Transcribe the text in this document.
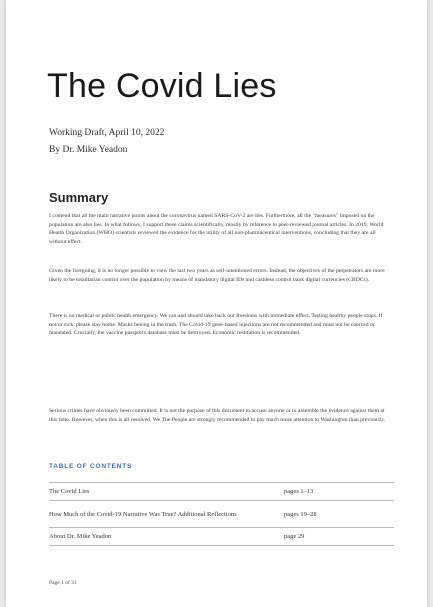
The Covid Lies
Working Draft, April 10, 2022
By Dr. Mike Yeadon
Summary

I contend that all the main narrative points about the coronavirus named SARS-CoV-2 are lies. Furthermore, all the "measures" imposed on the population are also lies. In what follows, I support these claims scientifically, mostly by reference to peer-reviewed journal articles. In 2019, World Health Organization (WHO) scientists reviewed the evidence for the utility of all non-pharmaceutical interventions, concluding that they are all without effect.

Given the foregoing, it is no longer possible to view the last two years as self-intentioned errors. Instead, the objectives of the perpetrators are more likely to be totalitarian control over the population by means of mandatory digital IDs and cashless control bank digital currencies (CBDCs).

There is no medical or public health emergency. We can and should take back our freedoms with immediate effect. Testing healthy people stops. If not/or sick, please stay home. Masks belong in the trash. The Covid-19 gene-based injections are not recommended and must not be coerced or mandated. Crucially, the vaccine passports database must be destroyed. Economic restitution is recommended.

Serious crimes have obviously been committed. It is not the purpose of this document to accuse anyone or to assemble the evidence against them at this time. However, when this is all resolved, We The People are strongly recommended to pay much more attention to Washington than previously.

TABLE OF CONTENTS
The Covid Lies	pages 1–13
How Much of the Covid-19 Narrative Was True? Additional Reflections	pages 19–28
About Dr. Mike Yeadon	page 29
Page 1 of 31
